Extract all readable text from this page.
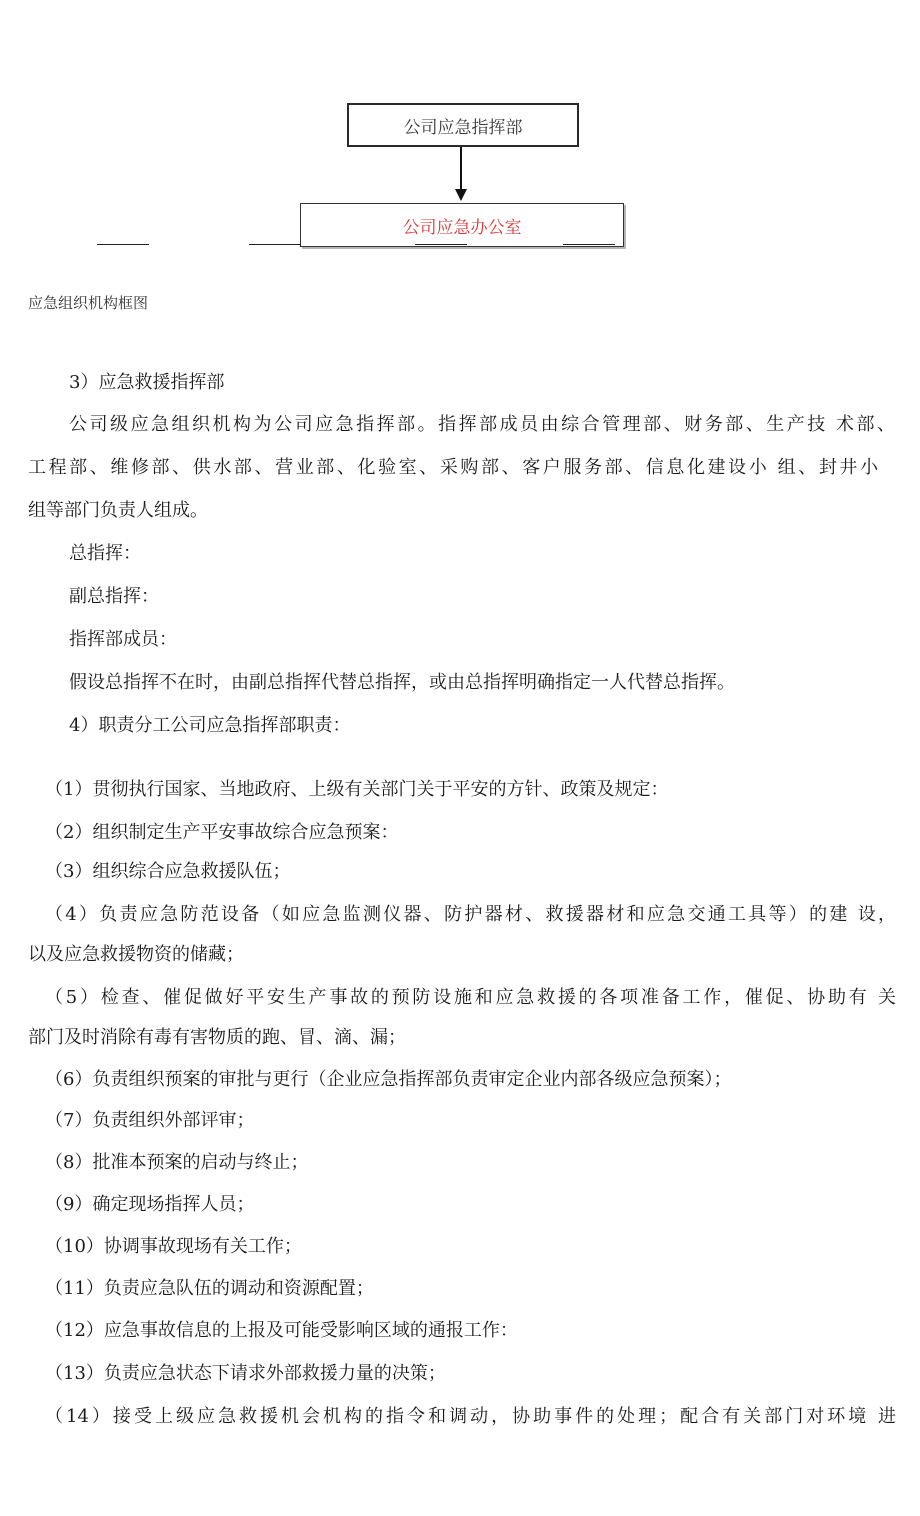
公司应急指挥部
公司应急办公室
应急组织机构框图
3）应急救援指挥部
公司级应急组织机构为公司应急指挥部。指挥部成员由综合管理部、财务部、生产技 术部、
工程部、维修部、供水部、营业部、化验室、采购部、客户服务部、信息化建设小 组、封井小
组等部门负责人组成。
总指挥：
副总指挥：
指挥部成员：
假设总指挥不在时，由副总指挥代替总指挥，或由总指挥明确指定一人代替总指挥。
4）职责分工公司应急指挥部职责：
（1）贯彻执行国家、当地政府、上级有关部门关于平安的方针、政策及规定：
（2）组织制定生产平安事故综合应急预案：
（3）组织综合应急救援队伍；
（4）负责应急防范设备（如应急监测仪器、防护器材、救援器材和应急交通工具等）的建 设，
以及应急救援物资的储藏；
（5）检查、催促做好平安生产事故的预防设施和应急救援的各项准备工作，催促、协助有 关
部门及时消除有毒有害物质的跑、冒、滴、漏；
（6）负责组织预案的审批与更行（企业应急指挥部负责审定企业内部各级应急预案）；
（7）负责组织外部评审；
（8）批准本预案的启动与终止；
（9）确定现场指挥人员；
（10）协调事故现场有关工作；
（11）负责应急队伍的调动和资源配置；
（12）应急事故信息的上报及可能受影响区域的通报工作：
（13）负责应急状态下请求外部救援力量的决策；
（14）接受上级应急救援机会机构的指令和调动，协助事件的处理；配合有关部门对环境 进
